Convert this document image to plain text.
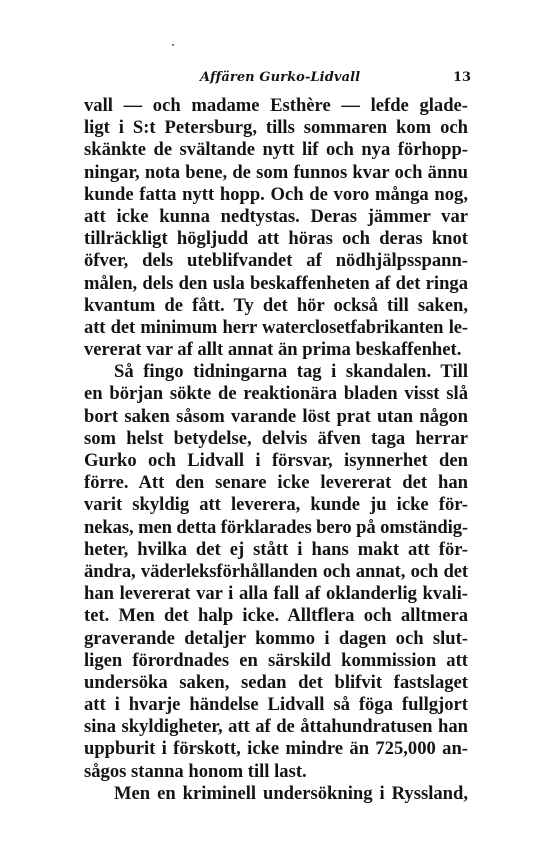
Affären Gurko-Lidvall	13
vall — och madame Esthère — lefde glade-
ligt i S:t Petersburg, tills sommaren kom och
skänkte de svältande nytt lif och nya förhopp-
ningar, nota bene, de som funnos kvar och ännu
kunde fatta nytt hopp. Och de voro många nog,
att icke kunna nedtystas. Deras jämmer var
tillräckligt högljudd att höras och deras knot
öfver, dels uteblifvandet af nödhjälpsspann-
målen, dels den usla beskaffenheten af det ringa
kvantum de fått. Ty det hör också till saken,
att det minimum herr waterclosetfabrikanten le-
vererat var af allt annat än prima beskaffenhet.
Så fingo tidningarna tag i skandalen. Till
en början sökte de reaktionära bladen visst slå
bort saken såsom varande löst prat utan någon
som helst betydelse, delvis äfven taga herrar
Gurko och Lidvall i försvar, isynnerhet den
förre. Att den senare icke levererat det han
varit skyldig att leverera, kunde ju icke för-
nekas, men detta förklarades bero på omständig-
heter, hvilka det ej stått i hans makt att för-
ändra, väderleksförhållanden och annat, och det
han levererat var i alla fall af oklanderlig kvali-
tet. Men det halp icke. Alltflera och alltmera
graverande detaljer kommo i dagen och slut-
ligen förordnades en särskild kommission att
undersöka saken, sedan det blifvit fastslaget
att i hvarje händelse Lidvall så föga fullgjort
sina skyldigheter, att af de åttahundratusen han
uppburit i förskott, icke mindre än 725,000 an-
sågos stanna honom till last.
Men en kriminell undersökning i Ryssland,
